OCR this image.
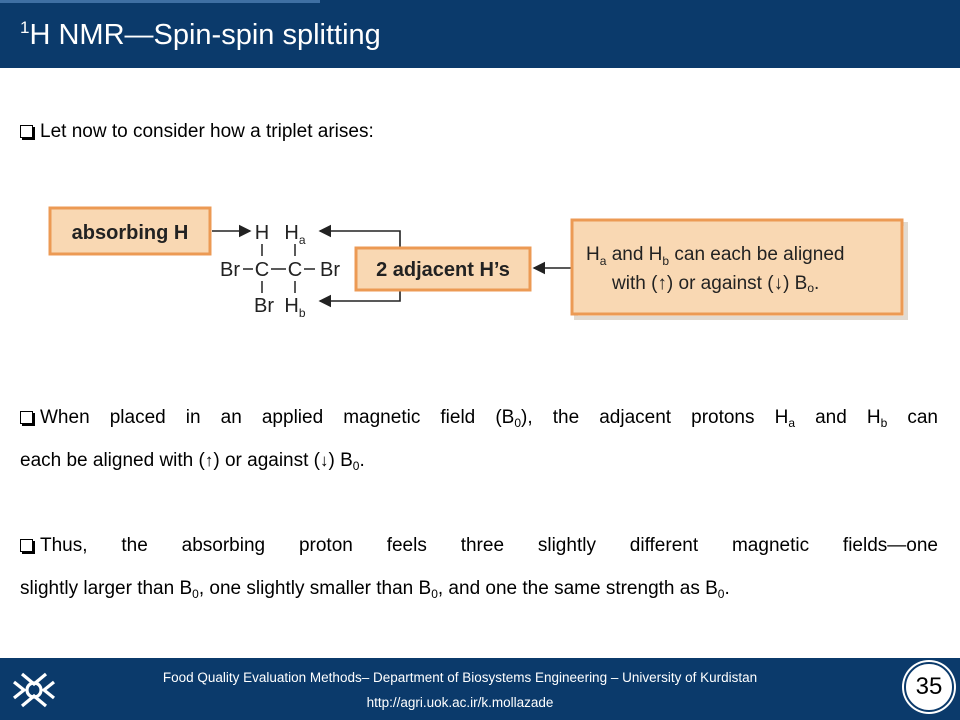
$^1$H NMR—Spin-spin splitting
Let now to consider how a triplet arises:
absorbing H	H $H_a$
Br C C Br
Br $H_b$
2 adjacent H’s
$H_a$ and $H_b$ can each be aligned
with (↑) or against (↓) Bo.
When placed in an applied magnetic field $(B_0)$, the adjacent protons $H_a$ and $H_b$ can
each be aligned with (↑) or against (↓) $B_0$.
Thus, the absorbing proton feels three slightly different magnetic fields—one
slightly larger than $B_0$, one slightly smaller than $B_0$, and one the same strength as $B_0$.
Food Quality Evaluation Methods– Department of Biosystems Engineering – University of Kurdistan
http://agri.uok.ac.ir/k.mollazade
35
